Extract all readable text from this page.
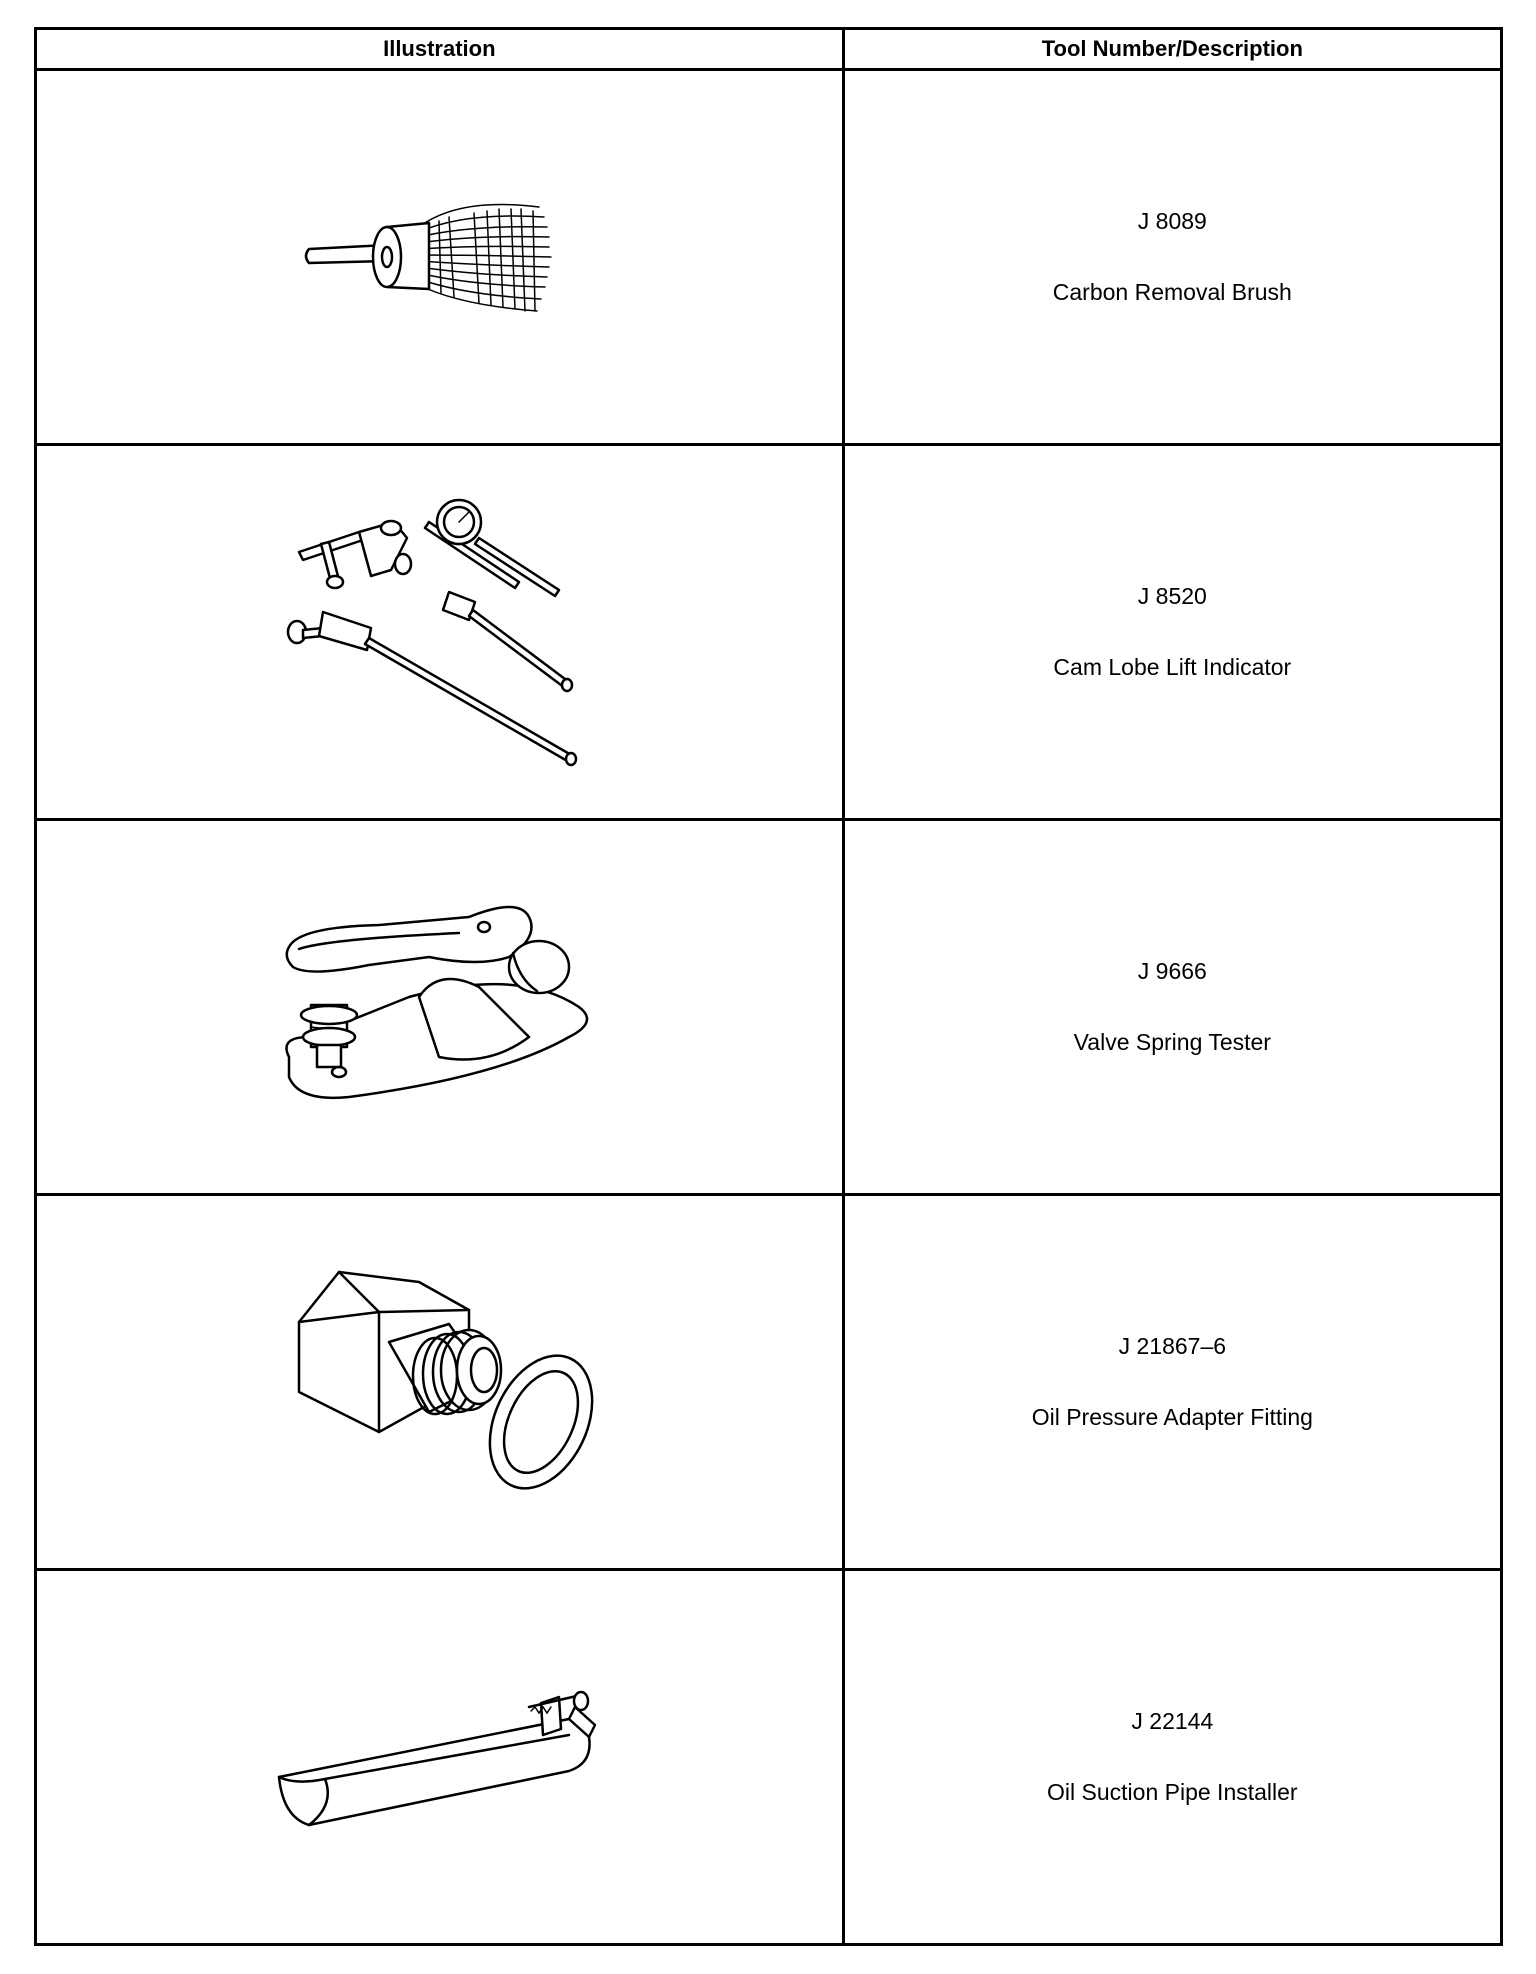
Illustration	Tool Number/Description

J 8089
Carbon Removal Brush

J 8520
Cam Lobe Lift Indicator

J 9666
Valve Spring Tester

J 21867–6
Oil Pressure Adapter Fitting

J 22144
Oil Suction Pipe Installer
